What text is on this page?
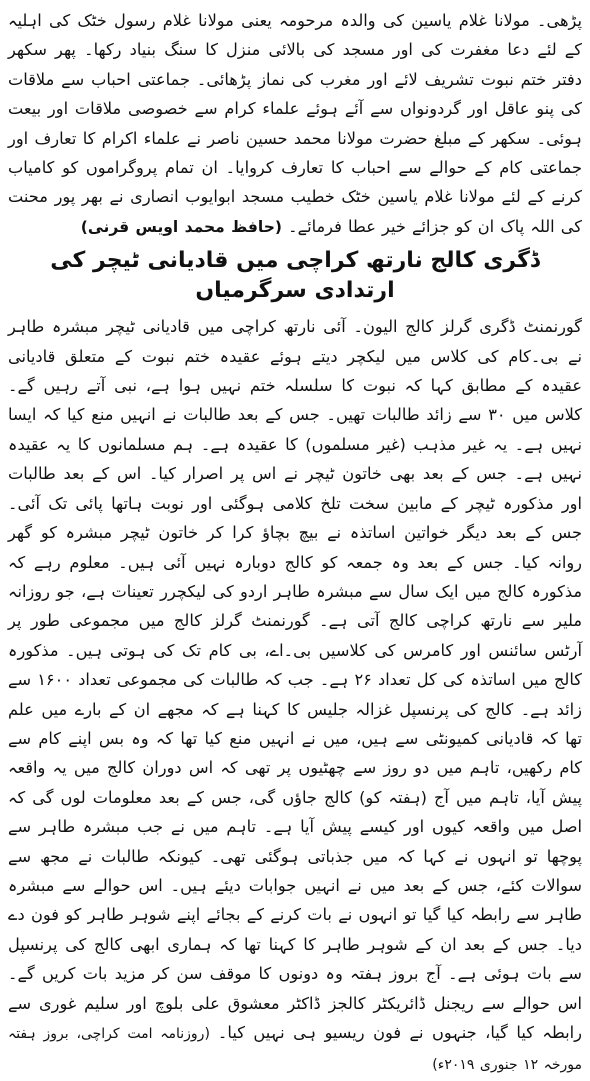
پڑھی۔ مولانا غلام یاسین کی والدہ مرحومہ یعنی مولانا غلام رسول خٹک کی اہلیہ کے لئے دعا مغفرت کی اور مسجد کی بالائی منزل کا سنگ بنیاد رکھا۔ پھر سکھر دفتر ختم نبوت تشریف لائے اور مغرب کی نماز پڑھائی۔ جماعتی احباب سے ملاقات کی پنو عاقل اور گردونواں سے آئے ہوئے علماء کرام سے خصوصی ملاقات اور بیعت ہوئی۔ سکھر کے مبلغ حضرت مولانا محمد حسین ناصر نے علماء اکرام کا تعارف اور جماعتی کام کے حوالے سے احباب کا تعارف کروایا۔ ان تمام پروگراموں کو کامیاب کرنے کے لئے مولانا غلام یاسین خٹک خطیب مسجد ابوایوب انصاری نے بھر پور محنت کی اللہ پاک ان کو جزائے خیر عطا فرمائے۔ (حافظ محمد اویس قرنی)

ڈگری کالج نارتھ کراچی میں قادیانی ٹیچر کی ارتدادی سرگرمیاں

گورنمنٹ ڈگری گرلز کالج الیون۔ آئی نارتھ کراچی میں قادیانی ٹیچر مبشرہ طاہر نے بی۔کام کی کلاس میں لیکچر دیتے ہوئے عقیدہ ختم نبوت کے متعلق قادیانی عقیدہ کے مطابق کہا کہ نبوت کا سلسلہ ختم نہیں ہوا ہے، نبی آتے رہیں گے۔ کلاس میں ۳۰ سے زائد طالبات تھیں۔ جس کے بعد طالبات نے انہیں منع کیا کہ ایسا نہیں ہے۔ یہ غیر مذہب (غیر مسلموں) کا عقیدہ ہے۔ ہم مسلمانوں کا یہ عقیدہ نہیں ہے۔ جس کے بعد بھی خاتون ٹیچر نے اس پر اصرار کیا۔ اس کے بعد طالبات اور مذکورہ ٹیچر کے مابین سخت تلخ کلامی ہوگئی اور نوبت ہاتھا پائی تک آئی۔ جس کے بعد دیگر خواتین اساتذہ نے بیچ بچاؤ کرا کر خاتون ٹیچر مبشرہ کو گھر روانہ کیا۔ جس کے بعد وہ جمعہ کو کالج دوبارہ نہیں آئی ہیں۔ معلوم رہے کہ مذکورہ کالج میں ایک سال سے مبشرہ طاہر اردو کی لیکچرر تعینات ہے، جو روزانہ ملیر سے نارتھ کراچی کالج آتی ہے۔ گورنمنٹ گرلز کالج میں مجموعی طور پر آرٹس سائنس اور کامرس کی کلاسیں بی۔اے، بی کام تک کی ہوتی ہیں۔ مذکورہ کالج میں اساتذہ کی کل تعداد ۲۶ ہے۔ جب کہ طالبات کی مجموعی تعداد ۱۶۰۰ سے زائد ہے۔ کالج کی پرنسپل غزالہ جلیس کا کہنا ہے کہ مجھے ان کے بارے میں علم تھا کہ قادیانی کمیونٹی سے ہیں، میں نے انہیں منع کیا تھا کہ وہ بس اپنے کام سے کام رکھیں، تاہم میں دو روز سے چھٹیوں پر تھی کہ اس دوران کالج میں یہ واقعہ پیش آیا، تاہم میں آج (ہفتہ کو) کالج جاؤں گی، جس کے بعد معلومات لوں گی کہ اصل میں واقعہ کیوں اور کیسے پیش آیا ہے۔ تاہم میں نے جب مبشرہ طاہر سے پوچھا تو انہوں نے کہا کہ میں جذباتی ہوگئی تھی۔ کیونکہ طالبات نے مجھ سے سوالات کئے، جس کے بعد میں نے انہیں جوابات دیئے ہیں۔ اس حوالے سے مبشرہ طاہر سے رابطہ کیا گیا تو انہوں نے بات کرنے کے بجائے اپنے شوہر طاہر کو فون دے دیا۔ جس کے بعد ان کے شوہر طاہر کا کہنا تھا کہ ہماری ابھی کالج کی پرنسپل سے بات ہوئی ہے۔ آج بروز ہفتہ وہ دونوں کا موقف سن کر مزید بات کریں گے۔ اس حوالے سے ریجنل ڈائریکٹر کالجز ڈاکٹر معشوق علی بلوچ اور سلیم غوری سے رابطہ کیا گیا، جنہوں نے فون ریسیو ہی نہیں کیا۔(روزنامہ امت کراچی، بروز ہفتہ مورخہ ۱۲ جنوری ۲۰۱۹ء)
